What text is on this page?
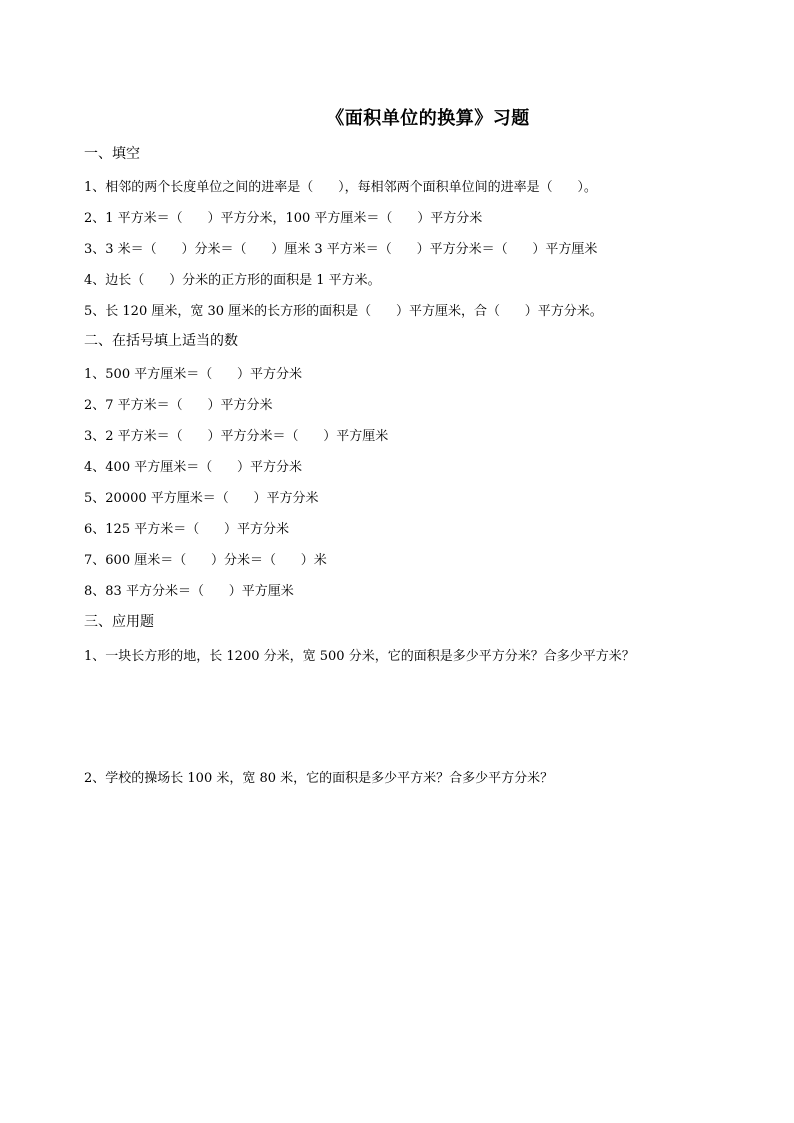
《面积单位的换算》习题
一、填空
1、相邻的两个长度单位之间的进率是（      ），每相邻两个面积单位间的进率是（      ）。
2、1 平方米＝（      ）平方分米，100 平方厘米＝（      ）平方分米
3、3 米＝（      ）分米＝（      ）厘米 3 平方米＝（      ）平方分米＝（      ）平方厘米
4、边长（      ）分米的正方形的面积是 1 平方米。
5、长 120 厘米，宽 30 厘米的长方形的面积是（      ）平方厘米，合（      ）平方分米。
二、在括号填上适当的数
1、500 平方厘米＝（      ）平方分米
2、7 平方米＝（      ）平方分米
3、2 平方米＝（      ）平方分米＝（      ）平方厘米
4、400 平方厘米＝（      ）平方分米
5、20000 平方厘米＝（      ）平方分米
6、125 平方米＝（      ）平方分米
7、600 厘米＝（      ）分米＝（      ）米
8、83 平方分米＝（      ）平方厘米
三、应用题
1、一块长方形的地，长 1200 分米，宽 500 分米，它的面积是多少平方分米？合多少平方米？
2、学校的操场长 100 米，宽 80 米，它的面积是多少平方米？合多少平方分米？
